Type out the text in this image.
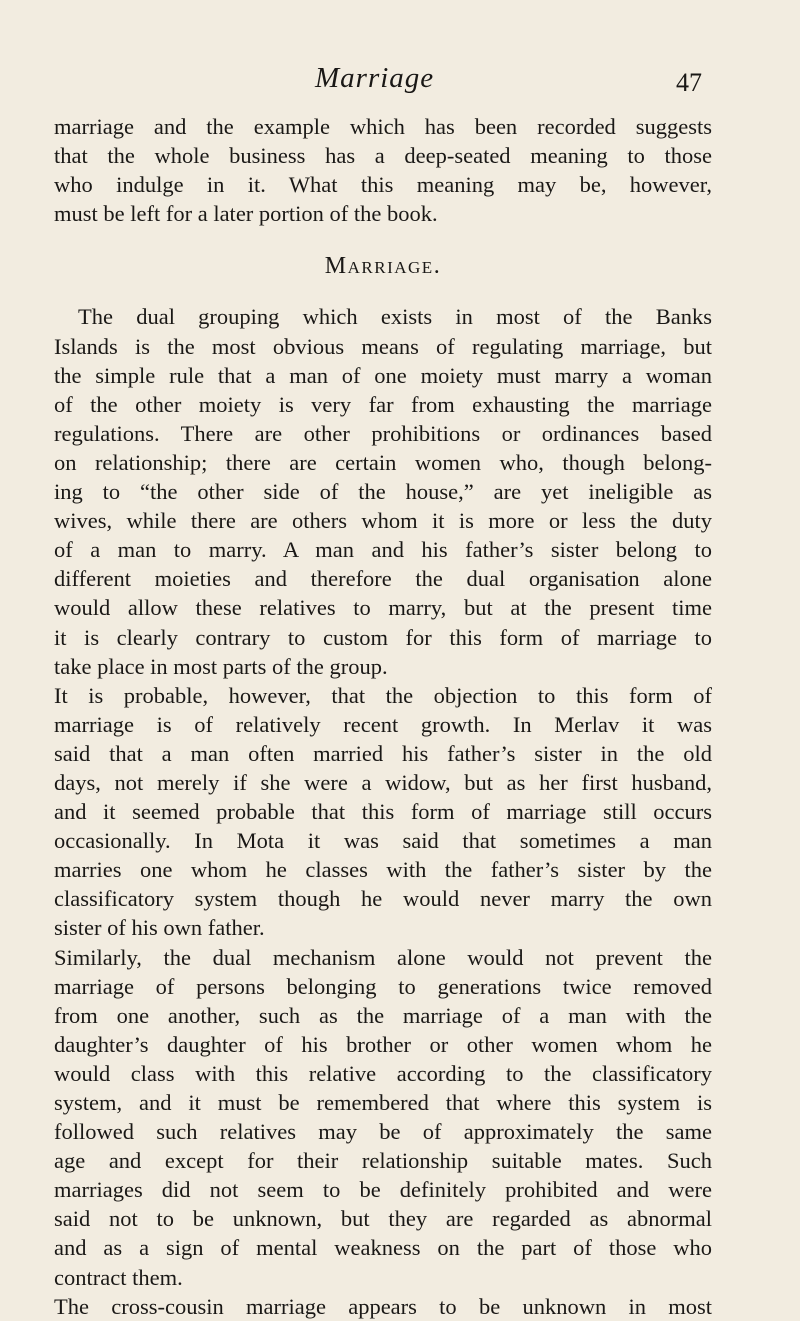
Marriage	47
marriage and the example which has been recorded suggests
that the whole business has a deep-seated meaning to those
who indulge in it. What this meaning may be, however,
must be left for a later portion of the book.
Marriage.
The dual grouping which exists in most of the Banks
Islands is the most obvious means of regulating marriage, but
the simple rule that a man of one moiety must marry a woman
of the other moiety is very far from exhausting the marriage
regulations. There are other prohibitions or ordinances based
on relationship; there are certain women who, though belong-
ing to “the other side of the house,” are yet ineligible as
wives, while there are others whom it is more or less the duty
of a man to marry. A man and his father’s sister belong to
different moieties and therefore the dual organisation alone
would allow these relatives to marry, but at the present time
it is clearly contrary to custom for this form of marriage to
take place in most parts of the group.
It is probable, however, that the objection to this form of
marriage is of relatively recent growth. In Merlav it was
said that a man often married his father’s sister in the old
days, not merely if she were a widow, but as her first husband,
and it seemed probable that this form of marriage still occurs
occasionally. In Mota it was said that sometimes a man
marries one whom he classes with the father’s sister by the
classificatory system though he would never marry the own
sister of his own father.
Similarly, the dual mechanism alone would not prevent the
marriage of persons belonging to generations twice removed
from one another, such as the marriage of a man with the
daughter’s daughter of his brother or other women whom he
would class with this relative according to the classificatory
system, and it must be remembered that where this system is
followed such relatives may be of approximately the same
age and except for their relationship suitable mates. Such
marriages did not seem to be definitely prohibited and were
said not to be unknown, but they are regarded as abnormal
and as a sign of mental weakness on the part of those who
contract them.
The cross-cousin marriage appears to be unknown in most
